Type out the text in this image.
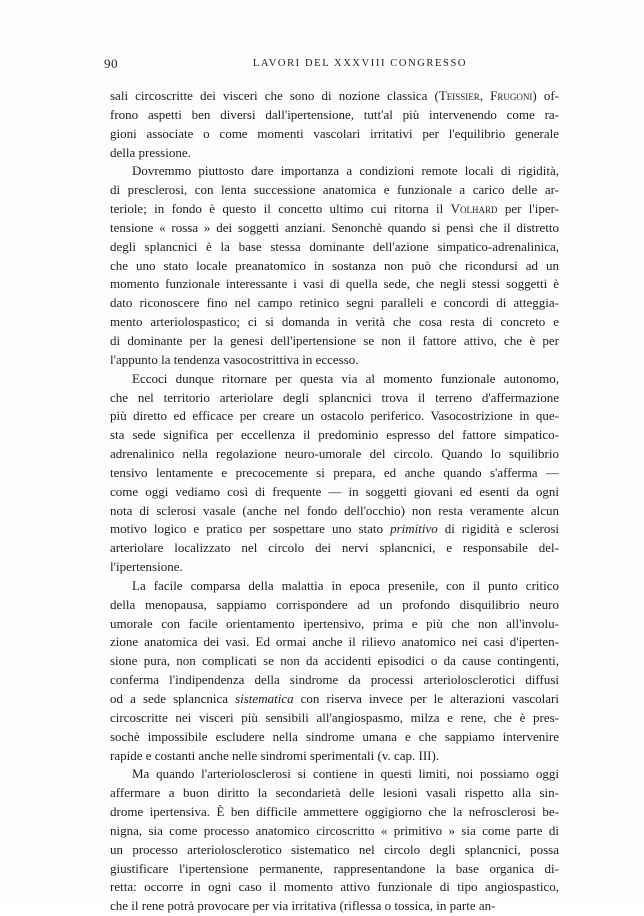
90	LAVORI DEL XXXVIII CONGRESSO
sali circoscritte dei visceri che sono di nozione classica (Teissier, Frugoni) of-
frono aspetti ben diversi dall'ipertensione, tutt'al più intervenendo come ra-
gioni associate o come momenti vascolari irritativi per l'equilibrio generale
della pressione.
Dovremmo piuttosto dare importanza a condizioni remote locali di rigidità,
di presclerosi, con lenta successione anatomica e funzionale a carico delle ar-
teriole; in fondo è questo il concetto ultimo cui ritorna il Volhard per l'iper-
tensione « rossa » dei soggetti anziani. Senonchè quando si pensi che il distretto
degli splancnici è la base stessa dominante dell'azione simpatico-adrenalinica,
che uno stato locale preanatomico in sostanza non può che ricondursi ad un
momento funzionale interessante i vasi di quella sede, che negli stessi soggetti è
dato riconoscere fino nel campo retinico segni paralleli e concordi di atteggia-
mento arteriolospastico; ci si domanda in verità che cosa resta di concreto e
di dominante per la genesi dell'ipertensione se non il fattore attivo, che è per
l'appunto la tendenza vasocostrittiva in eccesso.
Eccoci dunque ritornare per questa via al momento funzionale autonomo,
che nel territorio arteriolare degli splancnici trova il terreno d'affermazione
più diretto ed efficace per creare un ostacolo periferico. Vasocostrizione in que-
sta sede significa per eccellenza il predominio espresso del fattore simpatico-
adrenalinico nella regolazione neuro-umorale del circolo. Quando lo squilibrio
tensivo lentamente e precocemente si prepara, ed anche quando s'afferma —
come oggi vediamo così di frequente — in soggetti giovani ed esenti da ogni
nota di sclerosi vasale (anche nel fondo dell'occhio) non resta veramente alcun
motivo logico e pratico per sospettare uno stato primitivo di rigidità e sclerosi
arteriolare localizzato nel circolo dei nervi splancnici, e responsabile del-
l'ipertensione.
La facile comparsa della malattia in epoca presenile, con il punto critico
della menopausa, sappiamo corrispondere ad un profondo disquilibrio neuro
umorale con facile orientamento ipertensivo, prima e più che non all'involu-
zione anatomica dei vasi. Ed ormai anche il rilievo anatomico nei casi d'iperten-
sione pura, non complicati se non da accidenti episodici o da cause contingenti,
conferma l'indipendenza della sindrome da processi arteriolosclerotici diffusi
od a sede splancnica sistematica con riserva invece per le alterazioni vascolari
circoscritte nei visceri più sensibili all'angiospasmo, milza e rene, che è pres-
sochè impossibile escludere nella sindrome umana e che sappiamo intervenire
rapide e costanti anche nelle sindromi sperimentali (v. cap. III).
Ma quando l'arteriolosclerosi si contiene in questi limiti, noi possiamo oggi
affermare a buon diritto la secondarietà delle lesioni vasali rispetto alla sin-
drome ipertensiva. È ben difficile ammettere oggigiorno che la nefrosclerosi be-
nigna, sia come processo anatomico circoscritto « primitivo » sia come parte di
un processo arteriolosclerotico sistematico nel circolo degli splancnici, possa
giustificare l'ipertensione permanente, rappresentandone la base organica di-
retta: occorre in ogni caso il momento attivo funzionale di tipo angiospastico,
che il rene potrà provocare per via irritativa (riflessa o tossica, in parte an-
